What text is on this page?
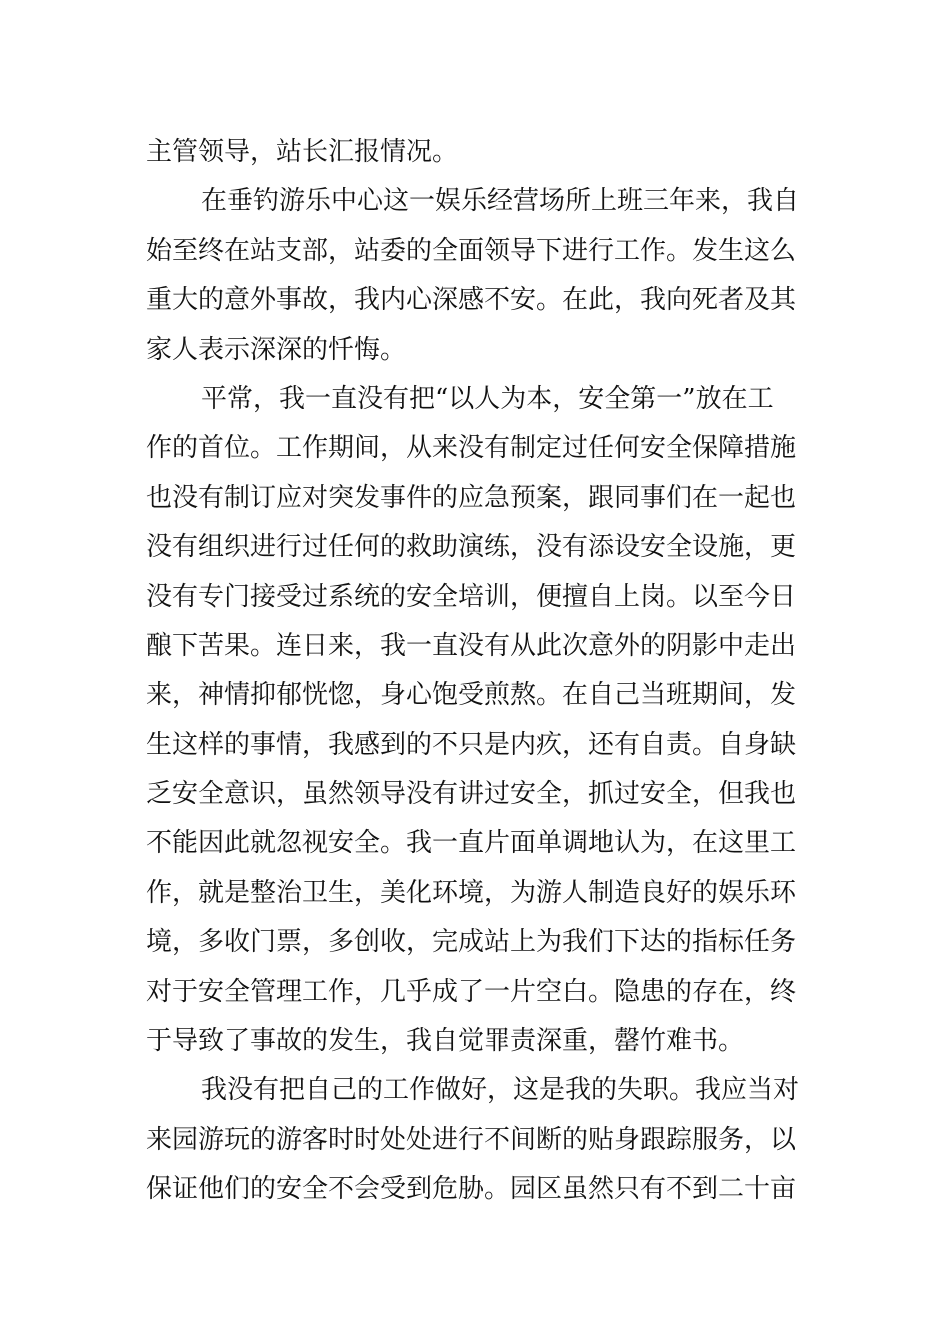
主管领导，站长汇报情况。
在垂钓游乐中心这一娱乐经营场所上班三年来，我自
始至终在站支部，站委的全面领导下进行工作。发生这么
重大的意外事故，我内心深感不安。在此，我向死者及其
家人表示深深的忏悔。
平常，我一直没有把“以人为本，安全第一”放在工
作的首位。工作期间，从来没有制定过任何安全保障措施
也没有制订应对突发事件的应急预案，跟同事们在一起也
没有组织进行过任何的救助演练，没有添设安全设施，更
没有专门接受过系统的安全培训，便擅自上岗。以至今日
酿下苦果。连日来，我一直没有从此次意外的阴影中走出
来，神情抑郁恍惚，身心饱受煎熬。在自己当班期间，发
生这样的事情，我感到的不只是内疚，还有自责。自身缺
乏安全意识，虽然领导没有讲过安全，抓过安全，但我也
不能因此就忽视安全。我一直片面单调地认为，在这里工
作，就是整治卫生，美化环境，为游人制造良好的娱乐环
境，多收门票，多创收，完成站上为我们下达的指标任务
对于安全管理工作，几乎成了一片空白。隐患的存在，终
于导致了事故的发生，我自觉罪责深重，罄竹难书。
我没有把自己的工作做好，这是我的失职。我应当对
来园游玩的游客时时处处进行不间断的贴身跟踪服务，以
保证他们的安全不会受到危胁。园区虽然只有不到二十亩
